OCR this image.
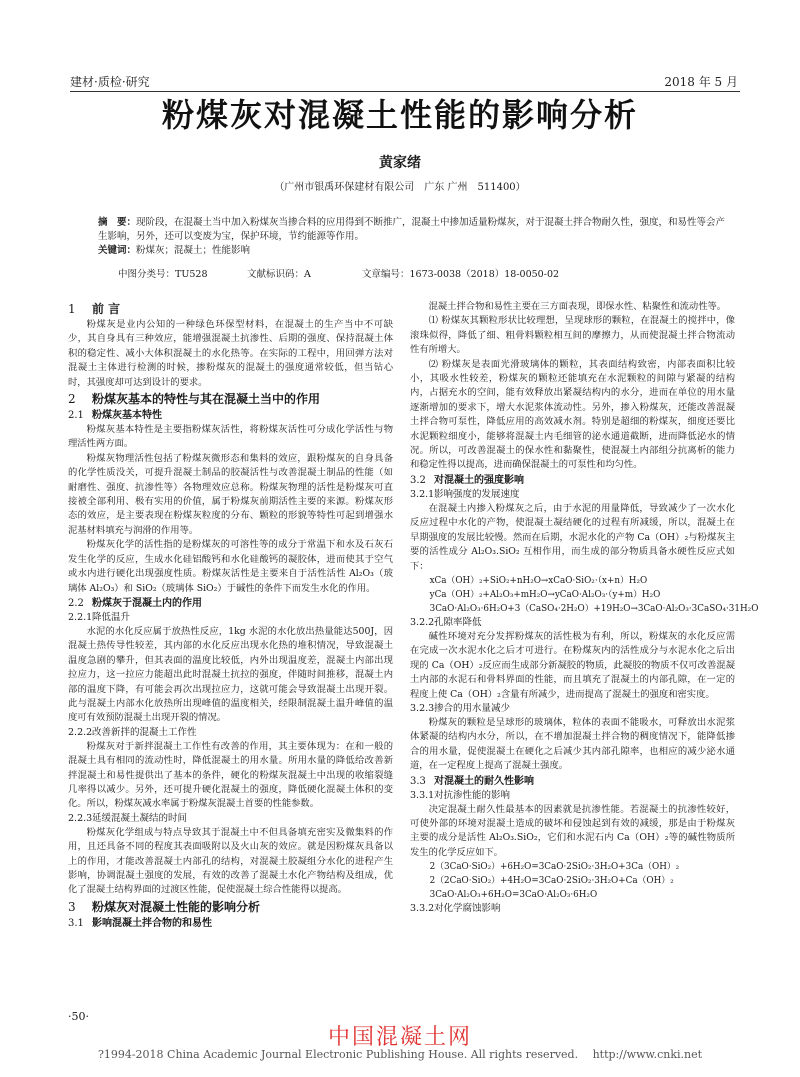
建材·质检·研究	2018 年 5 月
粉煤灰对混凝土性能的影响分析
黄家绪
（广州市银禹环保建材有限公司　广东 广州　511400）
摘　要：现阶段，在混凝土当中加入粉煤灰当掺合料的应用得到不断推广，混凝土中掺加适量粉煤灰，对于混凝土拌合物耐久性，强度，和易性等会产生影响，另外，还可以变废为宝，保护环境，节约能源等作用。
关键词：粉煤灰；混凝土；性能影响
中图分类号：TU528	文献标识码：A	文章编号：1673-0038（2018）18-0050-02
1 前 言

粉煤灰是业内公知的一种绿色环保型材料，在混凝土的生产当中不可缺少，其自身具有三种效应，能增强混凝土抗渗性、后期的强度、保持混凝土体积的稳定性、减小大体积混凝土的水化热等。在实际的工程中，用回弹方法对混凝土主体进行检测的时候，掺粉煤灰的混凝土的强度通常较低，但当钻心时，其强度却可达到设计的要求。

2 粉煤灰基本的特性与其在混凝土当中的作用
2.1 粉煤灰基本特性

粉煤灰基本特性是主要指粉煤灰活性，将粉煤灰活性可分成化学活性与物理活性两方面。

粉煤灰物理活性包括了粉煤灰微形态和集料的效应，跟粉煤灰的自身具备的化学性质没关，可提升混凝土制品的胶凝活性与改善混凝土制品的性能（如耐磨性、强度、抗渗性等）各物理效应总称。粉煤灰物理的活性是粉煤灰可直接被全部利用、极有实用的价值，属于粉煤灰前期活性主要的来源。粉煤灰形态的效应，是主要表现在粉煤灰粒度的分布、颗粒的形貌等特性可起到增强水泥基材料填充与润滑的作用等。

粉煤灰化学的活性指的是粉煤灰的可溶性等的成分于常温下和水及石灰石发生化学的反应，生成水化硅铝酸钙和水化硅酸钙的凝胶体，进而使其于空气或水内进行硬化出现强度性质。粉煤灰活性是主要来自于活性活性 Al₂O₃（玻璃体 Al₂O₃）和 SiO₂（玻璃体 SiO₂）于碱性的条件下而发生水化的作用。

2.2 粉煤灰于混凝土内的作用
2.2.1降低温升

水泥的水化反应属于放热性反应，1kg 水泥的水化放出热量能达500J，因混凝土热传导性较差，其内部的水化反应出现水化热的堆积情况，导致混凝土温度急剧的攀升，但其表面的温度比较低，内外出现温度差，混凝土内部出现拉应力，这一拉应力能超出此时混凝土抗拉的强度，伴随时间推移，混凝土内部的温度下降，有可能会再次出现拉应力，这就可能会导致混凝土出现开裂。此与混凝土内部水化放热所出现峰值的温度相关，经限制混凝土温升峰值的温度可有效预防混凝土出现开裂的情况。

2.2.2改善新拌的混凝土工作性

粉煤灰对于新拌混凝土工作性有改善的作用，其主要体现为：在和一般的混凝土具有相同的流动性时，降低混凝土的用水量。所用水量的降低给改善新拌混凝土和易性提供出了基本的条件，硬化的粉煤灰混凝土中出现的收缩裂缝几率得以减少。另外，还可提升硬化混凝土的强度，降低硬化混凝土体积的变化。所以，粉煤灰减水率属于粉煤灰混凝土首要的性能参数。

2.2.3延缓混凝土凝结的时间

粉煤灰化学组成与特点导致其于混凝土中不但具备填充密实及微集料的作用，且还具备不同的程度其表面吸附以及火山灰的效应。就是因粉煤灰具备以上的作用，才能改善混凝土内部孔的结构，对混凝土胶凝组分水化的进程产生影响，协调混凝土强度的发展，有效的改善了混凝土水化产物结构及组成，优化了混凝土结构界面的过渡区性能，促使混凝土综合性能得以提高。

3 粉煤灰对混凝土性能的影响分析
3.1 影响混凝土拌合物的和易性

混凝土拌合物和易性主要在三方面表现，即保水性、粘聚性和流动性等。

⑴ 粉煤灰其颗粒形状比较理想，呈现球形的颗粒，在混凝土的搅拌中，像滚珠似得，降低了细、粗骨料颗粒相互间的摩擦力，从而使混凝土拌合物流动性有所增大。

⑵ 粉煤灰是表面光滑玻璃体的颗粒，其表面结构致密，内部表面积比较小，其吸水性较差，粉煤灰的颗粒还能填充在水泥颗粒的间隙与紧凝的结构内，占据充水的空间，能有效释放出紧凝结构内的水分，进而在单位的用水量逐渐增加的要求下，增大水泥浆体流动性。另外，掺入粉煤灰，还能改善混凝土拌合物可泵性，降低应用的高效减水剂。特别是超细的粉煤灰，细度还要比水泥颗粒细度小，能够将混凝土内毛细管的泌水通道截断，进而降低泌水的情况。所以，可改善混凝土的保水性和黏聚性，使混凝土内部组分抗离析的能力和稳定性得以提高，进而确保混凝土的可泵性和均匀性。

3.2 对混凝土的强度影响
3.2.1影响强度的发展速度

在混凝土内掺入粉煤灰之后，由于水泥的用量降低，导致减少了一次水化反应过程中水化的产物，使混凝土凝结硬化的过程有所减缓，所以，混凝土在早期强度的发展比较慢。然而在后期，水泥水化的产物 Ca（OH）₂与粉煤灰主要的活性成分 Al₂O₃.SiO₂ 互相作用，而生成的部分物质具备水硬性反应式如下：

xCa（OH）₂+SiO₂+nH₂O→xCaO·SiO₂·（x+n）H₂O

yCa（OH）₂+Al₂O₃+mH₂O→yCaO·Al₂O₃·（y+m）H₂O

3CaO·Al₂O₃·6H₂O+3（CaSO₄·2H₂O）+19H₂O→3CaO·Al₂O₃·3CaSO₄·31H₂O

3.2.2孔隙率降低

碱性环境对充分发挥粉煤灰的活性极为有利，所以，粉煤灰的水化反应需在完成一次水泥水化之后才可进行。在粉煤灰内的活性成分与水泥水化之后出现的 Ca（OH）₂反应而生成部分新凝胶的物质，此凝胶的物质不仅可改善混凝土内部的水泥石和骨料界面的性能，而且填充了混凝土的内部孔隙，在一定的程度上使 Ca（OH）₂含量有所减少，进而提高了混凝土的强度和密实度。

3.2.3掺合的用水量减少

粉煤灰的颗粒是呈球形的玻璃体，粒体的表面不能吸水，可释放出水泥浆体紧凝的结构内水分，所以，在不增加混凝土拌合物的稠度情况下，能降低掺合的用水量，促使混凝土在硬化之后减少其内部孔隙率，也相应的减少泌水通道，在一定程度上提高了混凝土强度。

3.3 对混凝土的耐久性影响
3.3.1对抗渗性能的影响

决定混凝土耐久性最基本的因素就是抗渗性能。若混凝土的抗渗性较好，可使外部的环境对混凝土造成的破坏和侵蚀起到有效的减缓，那是由于粉煤灰主要的成分是活性 Al₂O₃.SiO₂，它们和水泥石内 Ca（OH）₂等的碱性物质所发生的化学反应如下。

2（3CaO·SiO₂）+6H₂O=3CaO·2SiO₂·3H₂O+3Ca（OH）₂

2（2CaO·SiO₂）+4H₂O=3CaO·2SiO₂·3H₂O+Ca（OH）₂

3CaO·Al₂O₃+6H₂O=3CaO·Al₂O₃·6H₂O

3.3.2对化学腐蚀影响
·50·
中国混凝土网
?1994-2018 China Academic Journal Electronic Publishing House. All rights reserved.　 http://www.cnki.net
